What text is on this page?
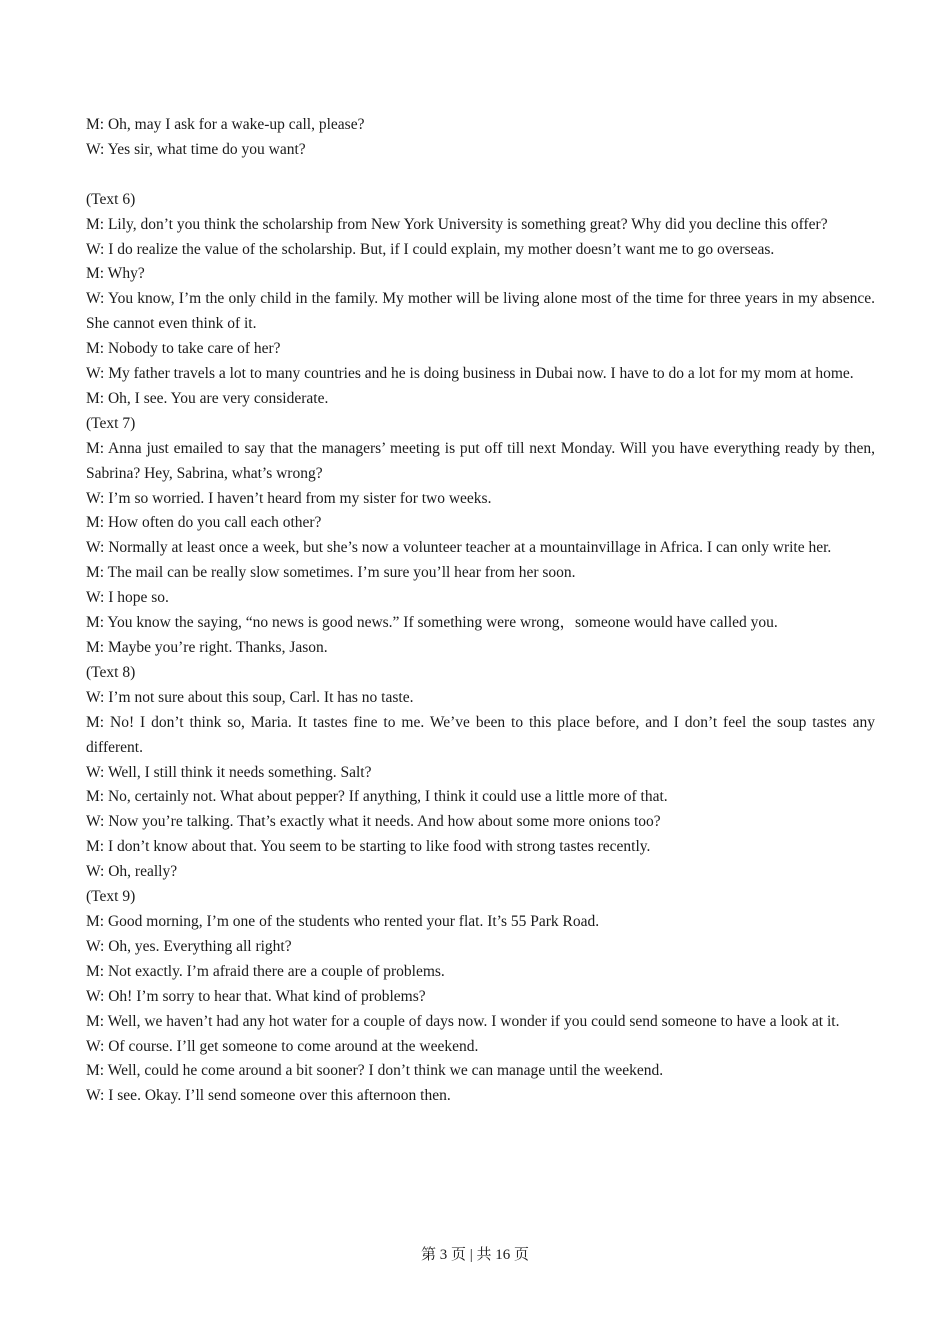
M: Oh, may I ask for a wake-up call, please?

W: Yes sir, what time do you want?

(Text 6)

M: Lily, don’t you think the scholarship from New York University is something great? Why did you decline this offer?

W: I do realize the value of the scholarship. But, if I could explain, my mother doesn’t want me to go overseas.

M: Why?

W: You know, I’m the only child in the family. My mother will be living alone most of the time for three years in my absence. She cannot even think of it.

M: Nobody to take care of her?

W: My father travels a lot to many countries and he is doing business in Dubai now. I have to do a lot for my mom at home.

M: Oh, I see. You are very considerate.

(Text 7)

M: Anna just emailed to say that the managers’ meeting is put off till next Monday. Will you have everything ready by then, Sabrina? Hey, Sabrina, what’s wrong?

W: I’m so worried. I haven’t heard from my sister for two weeks.

M: How often do you call each other?

W: Normally at least once a week, but she’s now a volunteer teacher at a mountainvillage in Africa. I can only write her.

M: The mail can be really slow sometimes. I’m sure you’ll hear from her soon.

W: I hope so.

M: You know the saying, “no news is good news.” If something were wrong，someone would have called you.

M: Maybe you’re right. Thanks, Jason.

(Text 8)

W: I’m not sure about this soup, Carl. It has no taste.

M: No! I don’t think so, Maria. It tastes fine to me. We’ve been to this place before, and I don’t feel the soup tastes any different.

W: Well, I still think it needs something. Salt?

M: No, certainly not. What about pepper? If anything, I think it could use a little more of that.

W: Now you’re talking. That’s exactly what it needs. And how about some more onions too?

M: I don’t know about that. You seem to be starting to like food with strong tastes recently.

W: Oh, really?

(Text 9)

M: Good morning, I’m one of the students who rented your flat. It’s 55 Park Road.

W: Oh, yes. Everything all right?

M: Not exactly. I’m afraid there are a couple of problems.

W: Oh! I’m sorry to hear that. What kind of problems?

M: Well, we haven’t had any hot water for a couple of days now. I wonder if you could send someone to have a look at it.

W: Of course. I’ll get someone to come around at the weekend.

M: Well, could he come around a bit sooner? I don’t think we can manage until the weekend.

W: I see. Okay. I’ll send someone over this afternoon then.

第 3 页 | 共 16 页
